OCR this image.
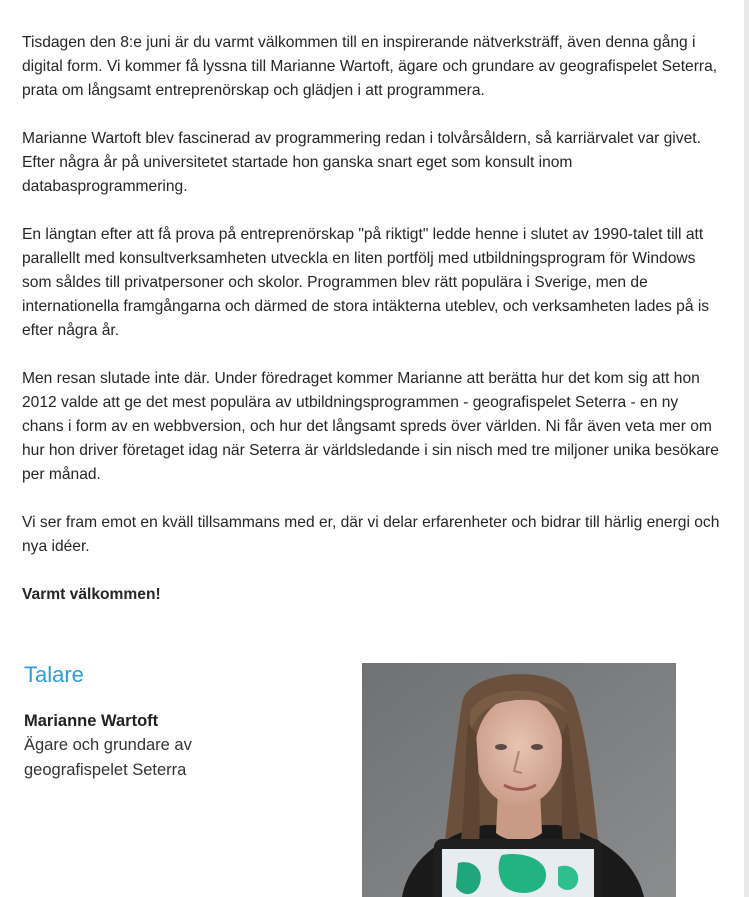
Tisdagen den 8:e juni är du varmt välkommen till en inspirerande nätverksträff, även denna gång i digital form. Vi kommer få lyssna till Marianne Wartoft, ägare och grundare av geografispelet Seterra, prata om långsamt entreprenörskap och glädjen i att programmera.

Marianne Wartoft blev fascinerad av programmering redan i tolvårsåldern, så karriärvalet var givet. Efter några år på universitetet startade hon ganska snart eget som konsult inom databasprogrammering.

En längtan efter att få prova på entreprenörskap "på riktigt" ledde henne i slutet av 1990-talet till att parallellt med konsultverksamheten utveckla en liten portfölj med utbildningsprogram för Windows som såldes till privatpersoner och skolor. Programmen blev rätt populära i Sverige, men de internationella framgångarna och därmed de stora intäkterna uteblev, och verksamheten lades på is efter några år.

Men resan slutade inte där. Under föredraget kommer Marianne att berätta hur det kom sig att hon 2012 valde att ge det mest populära av utbildningsprogrammen - geografispelet Seterra - en ny chans i form av en webbversion, och hur det långsamt spreds över världen. Ni får även veta mer om hur hon driver företaget idag när Seterra är världsledande i sin nisch med tre miljoner unika besökare per månad.

Vi ser fram emot en kväll tillsammans med er, där vi delar erfarenheter och bidrar till härlig energi och nya idéer.

Varmt välkommen!

Talare
Marianne Wartoft
Ägare och grundare av geografispelet Seterra
